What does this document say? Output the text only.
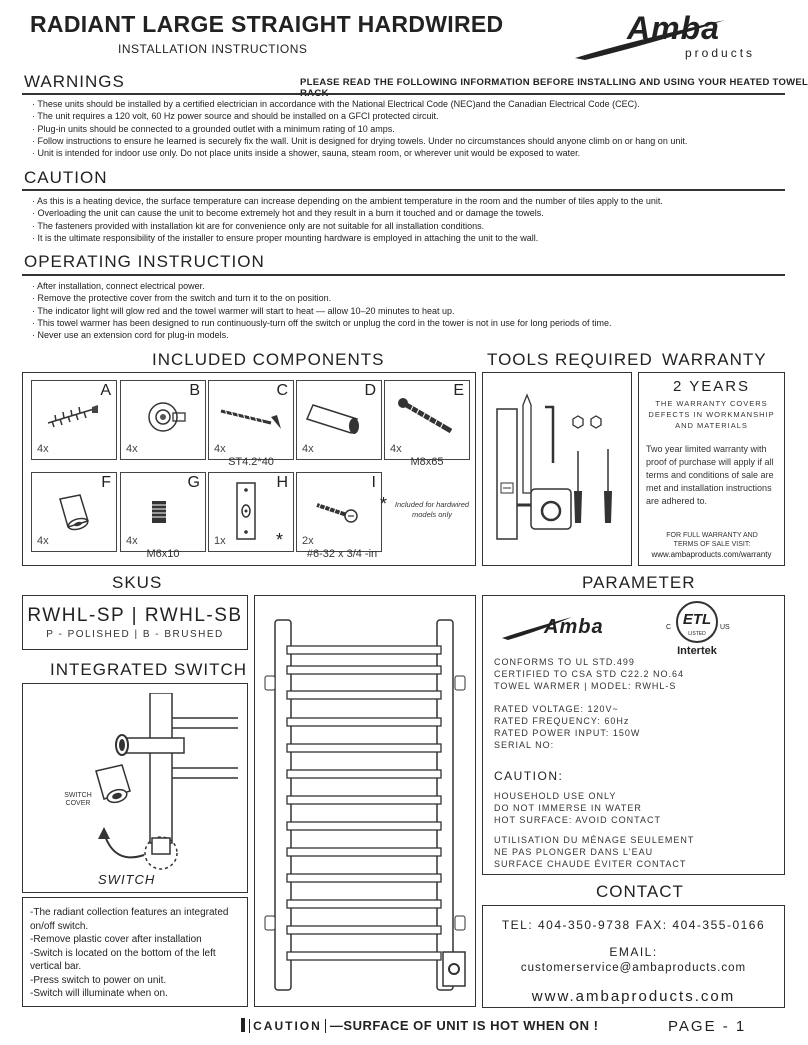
RADIANT LARGE STRAIGHT HARDWIRED
INSTALLATION INSTRUCTIONS
Amba
products
WARNINGS	PLEASE READ THE FOLLOWING INFORMATION BEFORE INSTALLING AND USING YOUR HEATED TOWEL
· These units should be installed by a certified electrician in accordance with the National Electrical Code (NEC)and the Canadian Electrical Code (CEC).
· The unit requires a 120 volt, 60 Hz power source and should be installed on a GFCI protected circuit.
· Plug-in units should be connected to a grounded outlet with a minimum rating of 10 amps.
· Follow instructions to ensure he learned is securely fix the wall. Unit is designed for drying towels. Under no circumstances should anyone climb on or hang on unit.
· Unit is intended for indoor use only. Do not place units inside a shower, sauna, steam room, or wherever unit would be exposed to water.
CAUTION
· As this is a heating device, the surface temperature can increase depending on the ambient temperature in the room and the number of tiles apply to the unit.
· Overloading the unit can cause the unit to become extremely hot and they result in a burn it touched and or damage the towels.
· The fasteners provided with installation kit are for convenience only are not suitable for all installation conditions.
· It is the ultimate responsibility of the installer to ensure proper mounting hardware is employed in attaching the unit to the wall.
OPERATING INSTRUCTION
· After installation, connect electrical power.
· Remove the protective cover from the switch and turn it to the on position.
· The indicator light will glow red and the towel warmer will start to heat — allow 10–20 minutes to heat up.
· This towel warmer has been designed to run continuously-turn off the switch or unplug the cord in the tower is not in use for long periods of time.
· Never use an extension cord for plug-in models.
INCLUDED COMPONENTS	TOOLS REQUIRED WARRANTY
A
4x
B
4x
C
4x
D
4x
E
4x
ST4.2*40	M8x65
F
4x
G
4x
H
1x	*
I
2x
*	Included for hardwired models only
M6x10	#6-32 x 3/4 -in
2 YEARS
THE WARRANTY COVERS DEFECTS IN WORKMANSHIP AND MATERIALS
Two year limited warranty with proof of purchase will apply if all terms and conditions of sale are met and installation instructions are adhered to.
FOR FULL WARRANTY AND TERMS OF SALE VISIT:
www.ambaproducts.com/warranty
SKUS
RWHL-SP | RWHL-SB
P - POLISHED | B - BRUSHED
INTEGRATED SWITCH
SWITCH COVER
SWITCH
-The radiant collection features an integrated on/off switch.
-Remove plastic cover after installation
-Switch is located on the bottom of the left vertical bar.
-Press switch to power on unit.
-Switch will illuminate when on.
PARAMETER
Amba	ETL
C	US
LISTED
Intertek
CONFORMS TO UL STD.499
CERTIFIED TO CSA STD C22.2 NO.64
TOWEL WARMER | MODEL: RWHL-S
RATED VOLTAGE: 120V~
RATED FREQUENCY: 60Hz
RATED POWER INPUT: 150W
SERIAL NO:
CAUTION:
HOUSEHOLD USE ONLY
DO NOT IMMERSE IN WATER
HOT SURFACE: AVOID CONTACT
UTILISATION DU MÉNAGE SEULEMENT
NE PAS PLONGER DANS L'EAU
SURFACE CHAUDE ÉVITER CONTACT
CONTACT
TEL: 404-350-9738 FAX: 404-355-0166
EMAIL:
customerservice@ambaproducts.com
www.ambaproducts.com
CAUTION —SURFACE OF UNIT IS HOT WHEN ON !	PAGE - 1
